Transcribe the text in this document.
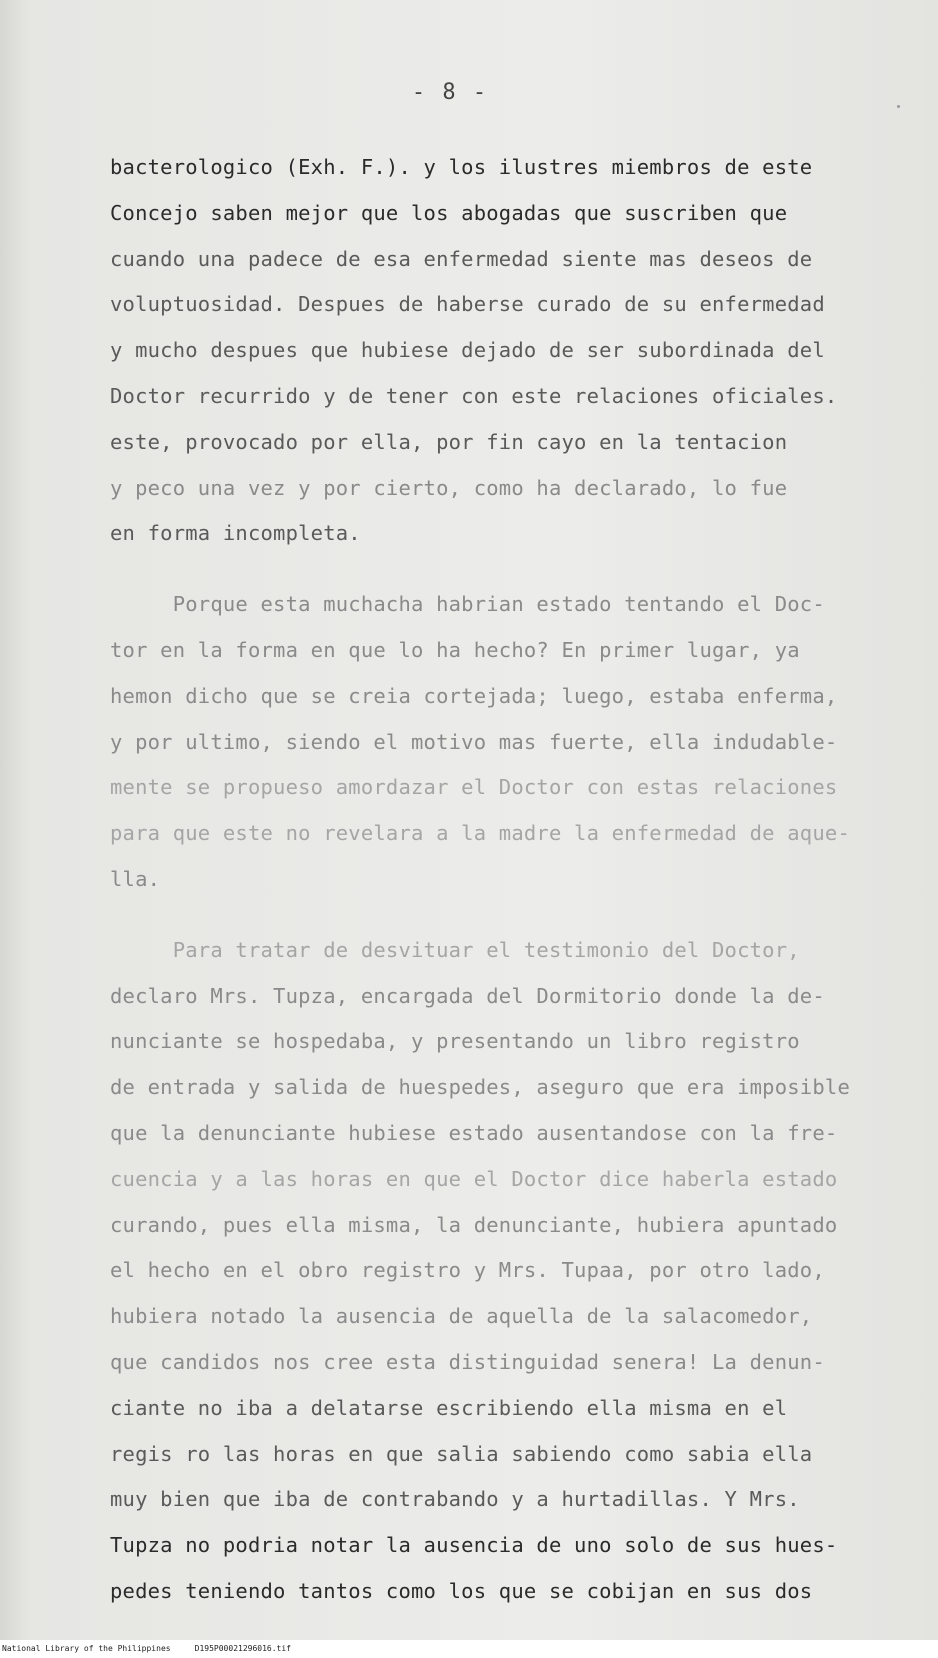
- 8 -
bacterologico (Exh. F.). y los ilustres miembros de este
Concejo saben mejor que los abogadas que suscriben que
cuando una padece de esa enfermedad siente mas deseos de
voluptuosidad. Despues de haberse curado de su enfermedad
y mucho despues que hubiese dejado de ser subordinada del
Doctor recurrido y de tener con este relaciones oficiales.
este, provocado por ella, por fin cayo en la tentacion
y peco una vez y por cierto, como ha declarado, lo fue
en forma incompleta.
Porque esta muchacha habrian estado tentando el Doc-
tor en la forma en que lo ha hecho? En primer lugar, ya
hemon dicho que se creia cortejada; luego, estaba enferma,
y por ultimo, siendo el motivo mas fuerte, ella indudable-
mente se propueso amordazar el Doctor con estas relaciones
para que este no revelara a la madre la enfermedad de aque-
lla.
Para tratar de desvituar el testimonio del Doctor,
declaro Mrs. Tupza, encargada del Dormitorio donde la de-
nunciante se hospedaba, y presentando un libro registro
de entrada y salida de huespedes, aseguro que era imposible
que la denunciante hubiese estado ausentandose con la fre-
cuencia y a las horas en que el Doctor dice haberla estado
curando, pues ella misma, la denunciante, hubiera apuntado
el hecho en el obro registro y Mrs. Tupaa, por otro lado,
hubiera notado la ausencia de aquella de la salacomedor,
que candidos nos cree esta distinguidad senera! La denun-
ciante no iba a delatarse escribiendo ella misma en el
regis ro las horas en que salia sabiendo como sabia ella
muy bien que iba de contrabando y a hurtadillas. Y Mrs.
Tupza no podria notar la ausencia de uno solo de sus hues-
pedes teniendo tantos como los que se cobijan en sus dos
National Library of the Philippines     D195P00021296016.tif
